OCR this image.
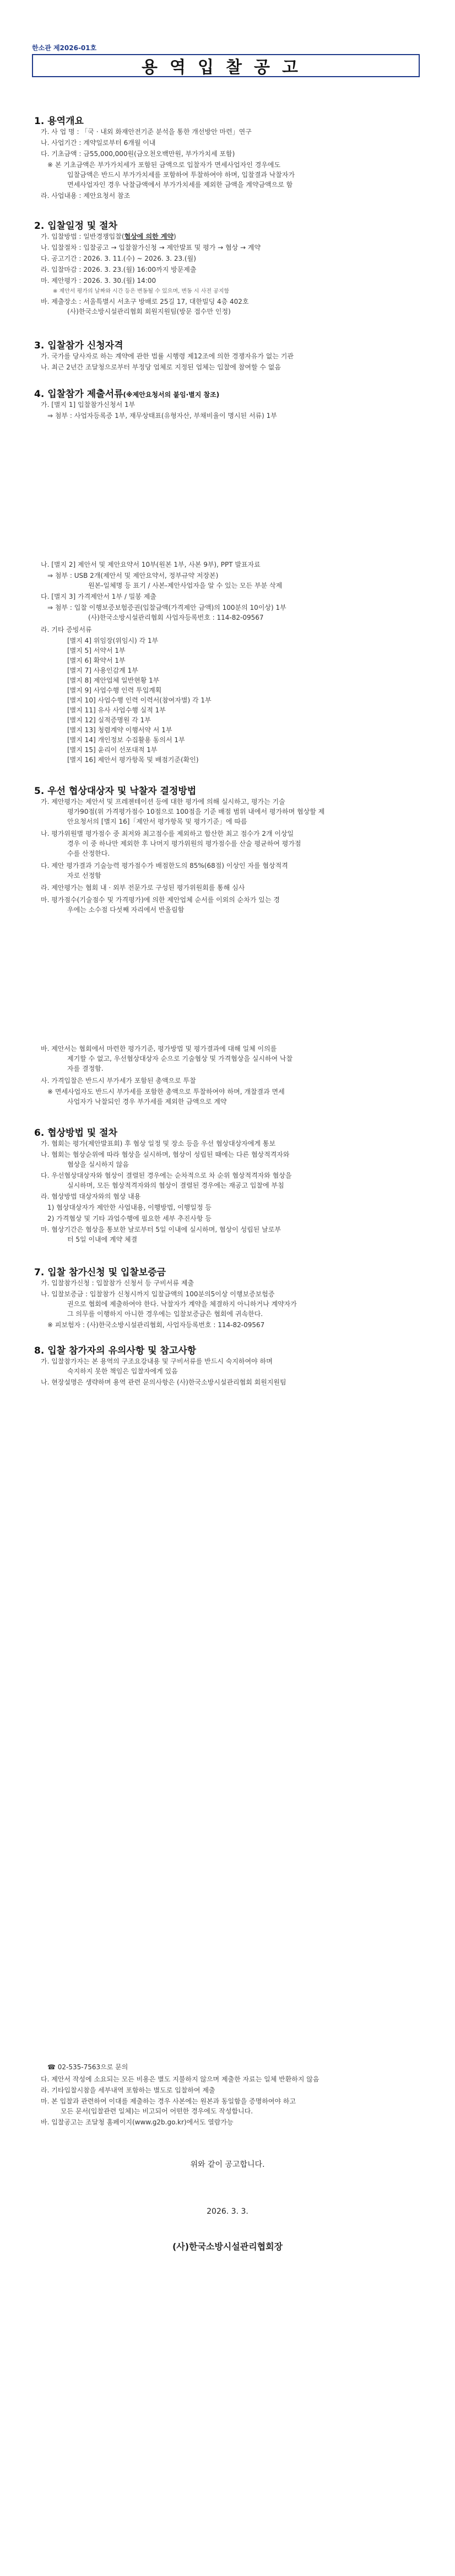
한소관 제2026-01호
용역입찰공고
1. 용역개요
가. 사 업 명 : 「국 · 내외 화재안전기준 분석을 통한 개선방안 마련」연구
나. 사업기간 : 계약일로부터 6개월 이내
다. 기초금액 : 금55,000,000원(금오천오백만원, 부가가치세 포함)
※ 본 기초금액은 부가가치세가 포함된 금액으로 입찰자가 면세사업자인 경우에도
입찰금액은 반드시 부가가치세를 포함하여 투찰하여야 하며, 입찰결과 낙찰자가
면세사업자인 경우 낙찰금액에서 부가가치세를 제외한 금액을 계약금액으로 함
라. 사업내용 : 제안요청서 참조
2. 입찰일정 및 절차
가. 입찰방법 : 일반경쟁입찰(협상에 의한 계약)
나. 입찰절차 : 입찰공고 → 입찰참가신청 → 제안발표 및 평가 → 협상 → 계약
다. 공고기간 : 2026. 3. 11.(수) ~ 2026. 3. 23.(월)
라. 입찰마감 : 2026. 3. 23.(월) 16:00까지 방문제출
마. 제안평가 : 2026. 3. 30.(월) 14:00
※ 제안서 평가의 날짜와 시간 등은 변동될 수 있으며, 변동 시 사전 공지함
바. 제출장소 : 서울특별시 서초구 방배로 25길 17, 대한빌딩 4층 402호
(사)한국소방시설관리협회 회원지원팀(방문 접수만 인정)
3. 입찰참가 신청자격
가. 국가를 당사자로 하는 계약에 관한 법률 시행령 제12조에 의한 경쟁자유가 없는 기관
나. 최근 2년간 조달청으로부터 부정당 업체로 지정된 업체는 입찰에 참여할 수 없음
4. 입찰참가 제출서류(※제안요청서의 붙임·별지 참조)
가. [별지 1] 입찰참가신청서 1부
⇒ 첨부 : 사업자등록증 1부, 재무상태표(유형자산, 부채비율이 명시된 서류) 1부
나. [별지 2] 제안서 및 제안요약서 10부(원본 1부, 사본 9부), PPT 발표자료
⇒ 첨부 : USB 2개(제안서 및 제안요약서, 정부규약 저장본)
원본-일체명 등 표기 / 사본-제안사업자을 알 수 있는 모든 부분 삭제
다. [별지 3] 가격제안서 1부 / 밀봉 제출
⇒ 첨부 : 입찰 이행보증보험증권(입찰금액(가격제안 금액)의 100분의 10이상) 1부
(사)한국소방시설관리협회 사업자등록번호 : 114-82-09567
라. 기타 증빙서류
[별지 4] 위임장(위임시) 각 1부
[별지 5] 서약서 1부
[별지 6] 확약서 1부
[별지 7] 사용인감계 1부
[별지 8] 제안업체 일반현황 1부
[별지 9] 사업수행 인력 투입계획
[별지 10] 사업수행 인력 이력서(참여자별) 각 1부
[별지 11] 유사 사업수행 실적 1부
[별지 12] 실적증명원 각 1부
[별지 13] 청렴계약 이행서약 서 1부
[별지 14] 개인정보 수집활용 동의서 1부
[별지 15] 윤리이 선포대적 1부
[별지 16] 제안서 평가항목 및 배점기준(확인)
5. 우선 협상대상자 및 낙찰자 결정방법
가. 제안평가는 제안서 및 프레젠테이션 등에 대한 평가에 의해 실시하고, 평가는 기술
평가90점(위 가격평가점수 10점으로 100점을 기준 배점 범위 내에서 평가하며 협상할 제
안요청서의 [별지 16]「제안서 평가항목 및 평가기준」에 따름
나. 평가위원별 평가점수 중 최저와 최고점수를 제외하고 합산한 최고 점수가 2개 이상일
경우 이 중 하나만 제외한 후 나머지 평가위원의 평가점수를 산술 평균하여 평가점
수를 산정한다.
다. 제안 평가결과 기술능력 평가점수가 배점한도의 85%(68점) 이상인 자를 협상적격
자로 선정함
라. 제안평가는 협회 내 · 외부 전문가로 구성된 평가위원회를 통해 심사
마. 평가점수(기술점수 및 가격평가)에 의한 제안업체 순서를 이외의 순차가 있는 경
우에는 소수점 다섯째 자리에서 반올림함
바. 제안서는 협회에서 마련한 평가기준, 평가방법 및 평가결과에 대해 일체 이의를
제기할 수 없고, 우선협상대상자 순으로 기술협상 및 가격협상을 실시하여 낙찰
자를 결정함.
사. 가격입찰은 반드시 부가세가 포함된 총액으로 투찰
※ 면세사업자도 반드시 부가세를 포함한 총액으로 투찰하여야 하며, 개찰결과 면세
사업자가 낙찰되인 경우 부가세를 제외한 금액으로 계약
6. 협상방법 및 절차
가. 협회는 평가(제안발표회) 후 협상 일정 및 장소 등을 우선 협상대상자에게 통보
나. 협회는 협상순위에 따라 협상을 실시하며, 협상이 성립된 때에는 다른 협상적격자와
협상을 실시하지 않음
다. 우선협상대상자와 협상이 결렬된 경우에는 순차적으로 차 순위 협상적격자와 협상을
실시하며, 모든 협상적격자와의 협상이 결렬된 경우에는 재공고 입찰에 부침
라. 협상방법 대상자와의 협상 내용
1) 협상대상자가 제안한 사업내용, 이행방법, 이행일정 등
2) 가격협상 및 기타 과업수행에 필요한 세부 추진사항 등
마. 협상기간은 협상을 통보한 날로부터 5일 이내에 실시하며, 협상이 성립된 날로부
터 5일 이내에 계약 체결
7. 입찰 참가신청 및 입찰보증금
가. 입찰참가신청 : 입찰참가 신청서 등 구비서류 제출
나. 입찰보증금 : 입찰참가 신청시까지 입찰금액의 100분의5이상 이행보증보험증
권으로 협회에 제출하여야 한다. 낙찰자가 계약을 체결하지 아니하거나 계약자가
그 의무를 이행하지 아니한 경우에는 입찰보증금은 협회에 귀속한다.
※ 피보험자 : (사)한국소방시설관리협회, 사업자등록번호 : 114-82-09567
8. 입찰 참가자의 유의사항 및 참고사항
가. 입찰참가자는 본 용역의 구조요강내용 및 구비서류를 반드시 숙지하여야 하며
숙지하지 못한 책임은 입찰자에게 있음
나. 현장설명은 생략하며 용역 관련 문의사항은 (사)한국소방시설관리협회 회원지원팀
☎ 02-535-7563으로 문의
다. 제안서 작성에 소요되는 모든 비용은 별도 지불하지 않으며 제출한 자료는 일체 반환하지 않음
라. 기타입찰시참을 세부내역 포함하는 별도로 입찰하여 제출
마. 본 입찰과 관련하여 이대를 제출하는 경우 사본에는 원본과 동일함을 증명하여야 하고
모든 문서(입찰관련 일체)는 비고되어 어떤한 경우에도 작성합니다.
바. 입찰공고는 조달청 홈페이지(www.g2b.go.kr)에서도 열람가능
위와 같이 공고합니다.
2026. 3. 3.
(사)한국소방시설관리협회장
